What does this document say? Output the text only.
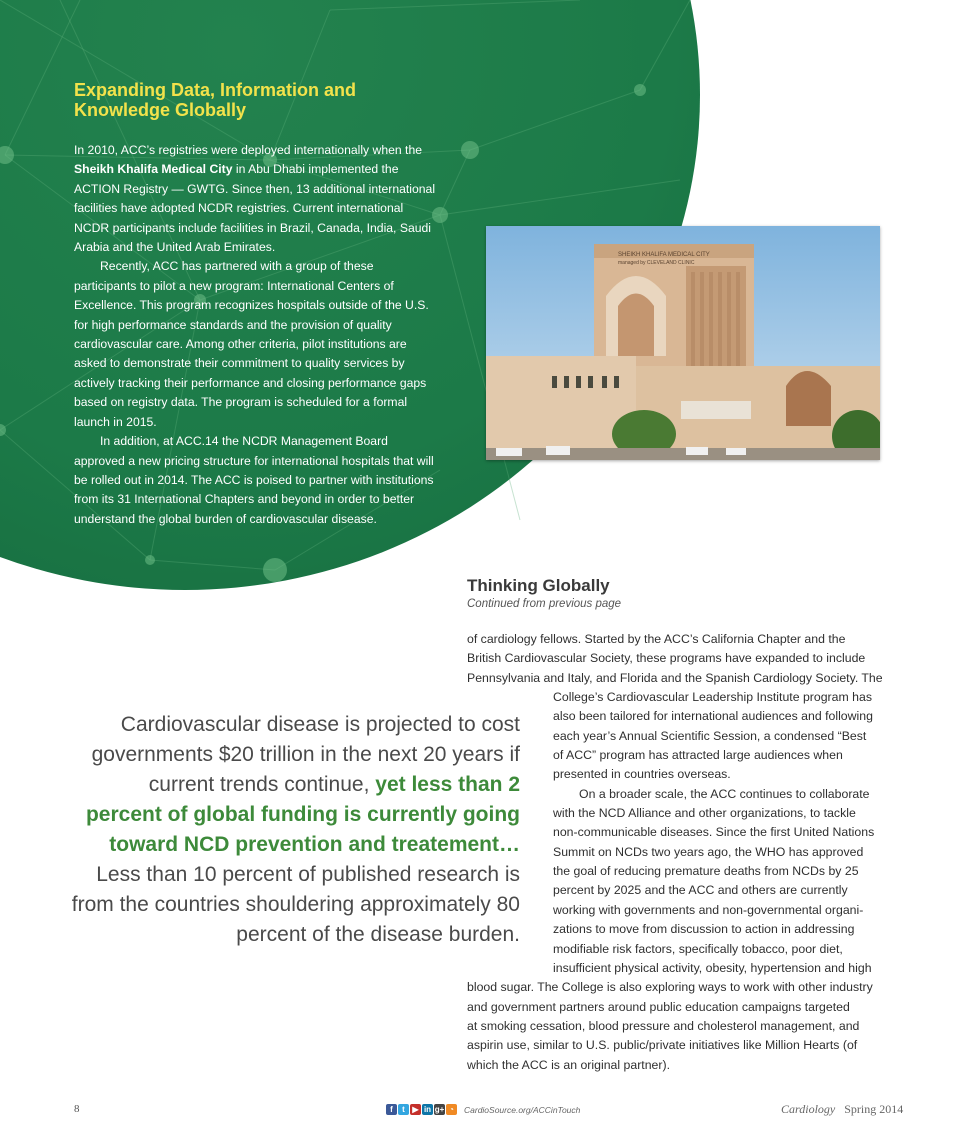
Expanding Data, Information and Knowledge Globally

In 2010, ACC’s registries were deployed internationally when the Sheikh Khalifa Medical City in Abu Dhabi implemented the ACTION Registry — GWTG. Since then, 13 additional international facilities have adopted NCDR registries. Current international NCDR participants include facilities in Brazil, Canada, India, Saudi Arabia and the United Arab Emirates.

Recently, ACC has partnered with a group of these participants to pilot a new program: International Centers of Excellence. This program recognizes hospitals outside of the U.S. for high performance standards and the provision of quality cardiovascular care. Among other criteria, pilot institutions are asked to demonstrate their commitment to quality services by actively tracking their performance and closing performance gaps based on registry data. The program is scheduled for a formal launch in 2015.

In addition, at ACC.14 the NCDR Management Board approved a new pricing structure for international hospitals that will be rolled out in 2014. The ACC is poised to partner with institutions from its 31 International Chapters and beyond in order to better understand the global burden of cardiovascular disease.

SHEIKH KHALIFA MEDICAL CITY
managed by CLEVELAND CLINIC
Thinking Globally
Continued from previous page
of cardiology fellows. Started by the ACC’s California Chapter and the
British Cardiovascular Society, these programs have expanded to include
Pennsylvania and Italy, and Florida and the Spanish Cardiology Society. The
College’s Cardiovascular Leadership Institute program has
also been tailored for international audiences and following
each year’s Annual Scientific Session, a condensed “Best
of ACC” program has attracted large audiences when
presented in countries overseas.
On a broader scale, the ACC continues to collaborate
with the NCD Alliance and other organizations, to tackle
non-communicable diseases. Since the first United Nations
Summit on NCDs two years ago, the WHO has approved
the goal of reducing premature deaths from NCDs by 25
percent by 2025 and the ACC and others are currently
working with governments and non-governmental organi-
zations to move from discussion to action in addressing
modifiable risk factors, specifically tobacco, poor diet,
insufficient physical activity, obesity, hypertension and high
blood sugar. The College is also exploring ways to work with other industry
and government partners around public education campaigns targeted
at smoking cessation, blood pressure and cholesterol management, and
aspirin use, similar to U.S. public/private initiatives like Million Hearts (of
which the ACC is an original partner).
Cardiovascular disease is projected to cost governments $20 trillion in the next 20 years if current trends continue, yet less than 2 percent of global funding is currently going toward NCD prevention and treatement… Less than 10 percent of published research is from the countries shouldering approximately 80 percent of the disease burden.
8	f	t ▶ in g+ ◔	CardioSource.org/ACCinTouch	Cardiology Spring 2014
